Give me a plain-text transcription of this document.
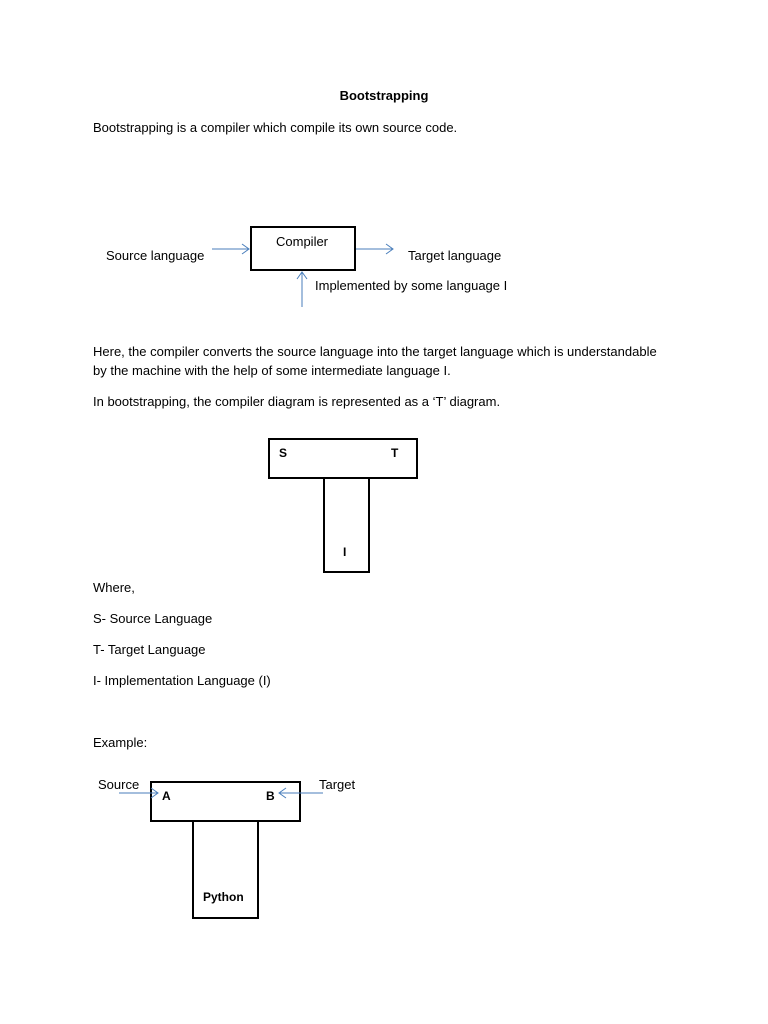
Bootstrapping
Bootstrapping is a compiler which compile its own source code.
Source language
Compiler
Target language
Implemented by some language I
Here, the compiler converts the source language into the target language which is understandable by the machine with the help of some intermediate language I.
In bootstrapping, the compiler diagram is represented as a ‘T’ diagram.
I
S	T
Where,
S- Source Language
T- Target Language
I- Implementation Language (I)
Example:
Source	Target
Python
A	B
